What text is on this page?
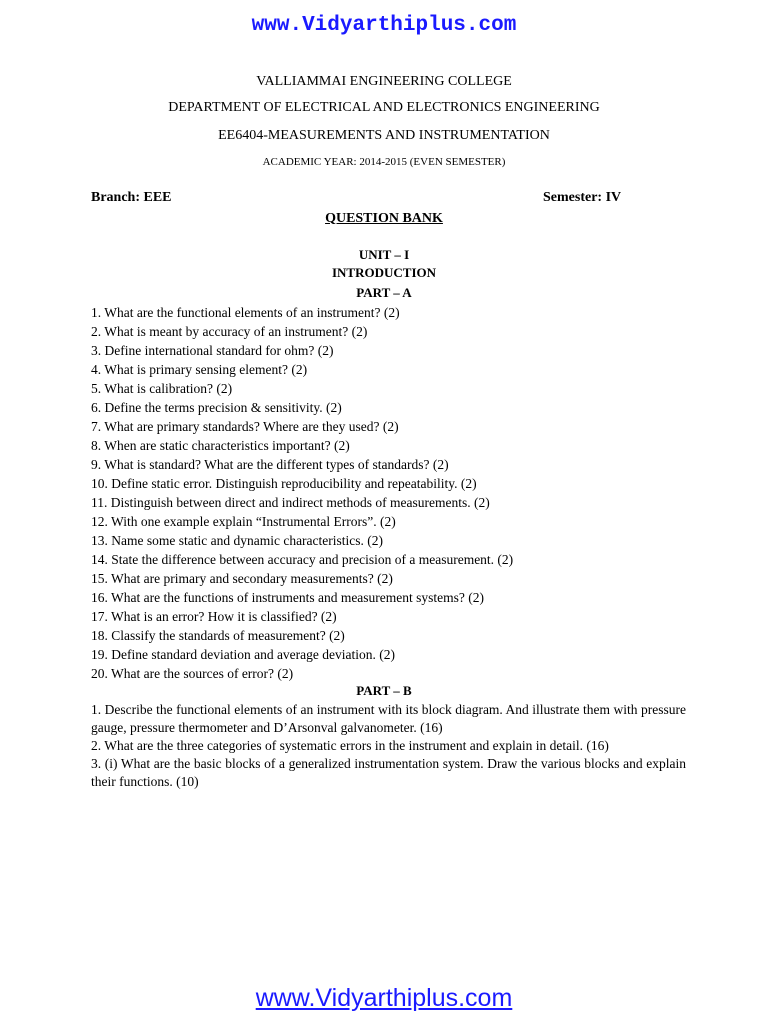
www.Vidyarthiplus.com
VALLIAMMAI ENGINEERING COLLEGE
DEPARTMENT OF ELECTRICAL AND ELECTRONICS ENGINEERING
EE6404-MEASUREMENTS AND INSTRUMENTATION
ACADEMIC YEAR: 2014-2015 (EVEN SEMESTER)
Branch: EEE	Semester: IV
QUESTION BANK
UNIT – I
INTRODUCTION
PART – A
1. What are the functional elements of an instrument? (2)
2. What is meant by accuracy of an instrument? (2)
3. Define international standard for ohm? (2)
4. What is primary sensing element? (2)
5. What is calibration? (2)
6. Define the terms precision & sensitivity. (2)
7. What are primary standards? Where are they used? (2)
8. When are static characteristics important? (2)
9. What is standard? What are the different types of standards? (2)
10. Define static error. Distinguish reproducibility and repeatability. (2)
11. Distinguish between direct and indirect methods of measurements. (2)
12. With one example explain “Instrumental Errors”. (2)
13. Name some static and dynamic characteristics. (2)
14. State the difference between accuracy and precision of a measurement. (2)
15. What are primary and secondary measurements? (2)
16. What are the functions of instruments and measurement systems? (2)
17. What is an error? How it is classified? (2)
18. Classify the standards of measurement? (2)
19. Define standard deviation and average deviation. (2)
20. What are the sources of error? (2)
PART – B
1. Describe the functional elements of an instrument with its block diagram. And illustrate them with pressure gauge, pressure thermometer and D’Arsonval galvanometer. (16)
2. What are the three categories of systematic errors in the instrument and explain in detail. (16)
3. (i) What are the basic blocks of a generalized instrumentation system. Draw the various blocks and explain their functions. (10)
www.Vidyarthiplus.com
